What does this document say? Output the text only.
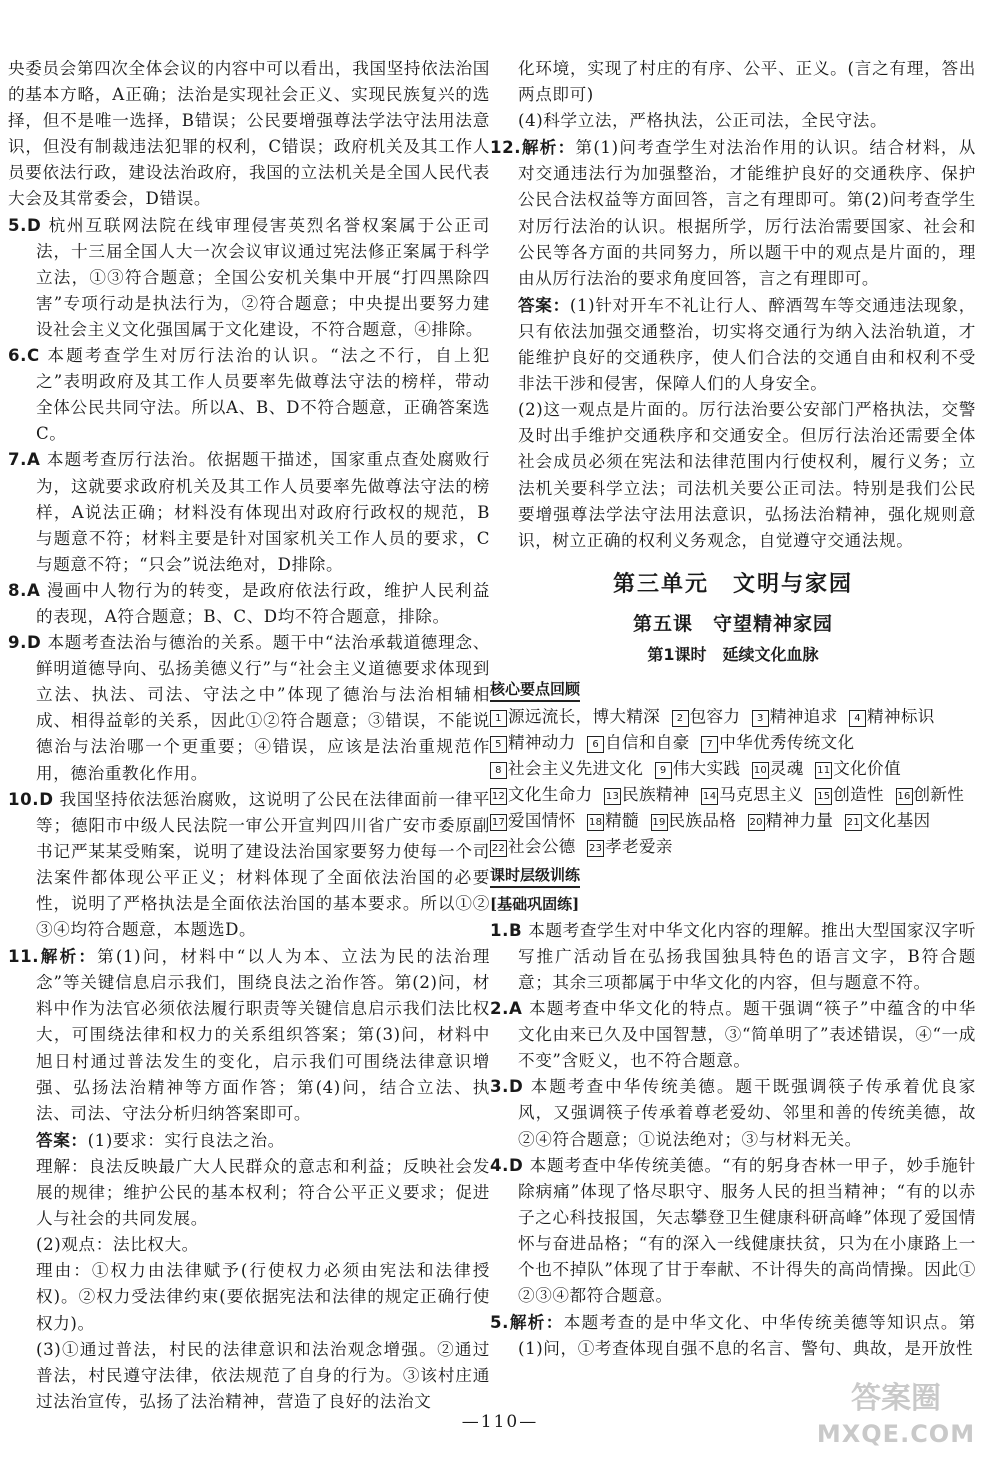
央委员会第四次全体会议的内容中可以看出，我国坚持依法治国的基本方略，A正确；法治是实现社会正义、实现民族复兴的选择，但不是唯一选择，B错误；公民要增强尊法学法守法用法意识，但没有制裁违法犯罪的权利，C错误；政府机关及其工作人员要依法行政，建设法治政府，我国的立法机关是全国人民代表大会及其常委会，D错误。

5.D 杭州互联网法院在线审理侵害英烈名誉权案属于公正司法，十三届全国人大一次会议审议通过宪法修正案属于科学立法，①③符合题意；全国公安机关集中开展“打四黑除四害”专项行动是执法行为，②符合题意；中央提出要努力建设社会主义文化强国属于文化建设，不符合题意，④排除。

6.C 本题考查学生对厉行法治的认识。“法之不行，自上犯之”表明政府及其工作人员要率先做尊法守法的榜样，带动全体公民共同守法。所以A、B、D不符合题意，正确答案选C。

7.A 本题考查厉行法治。依据题干描述，国家重点查处腐败行为，这就要求政府机关及其工作人员要率先做尊法守法的榜样，A说法正确；材料没有体现出对政府行政权的规范，B与题意不符；材料主要是针对国家机关工作人员的要求，C与题意不符；“只会”说法绝对，D排除。

8.A 漫画中人物行为的转变，是政府依法行政，维护人民利益的表现，A符合题意；B、C、D均不符合题意，排除。

9.D 本题考查法治与德治的关系。题干中“法治承载道德理念、鲜明道德导向、弘扬美德义行”与“社会主义道德要求体现到立法、执法、司法、守法之中”体现了德治与法治相辅相成、相得益彰的关系，因此①②符合题意；③错误，不能说德治与法治哪一个更重要；④错误，应该是法治重规范作用，德治重教化作用。

10.D 我国坚持依法惩治腐败，这说明了公民在法律面前一律平等；德阳市中级人民法院一审公开宣判四川省广安市委原副书记严某某受贿案，说明了建设法治国家要努力使每一个司法案件都体现公平正义；材料体现了全面依法治国的必要性，说明了严格执法是全面依法治国的基本要求。所以①②③④均符合题意，本题选D。

11.解析：第(1)问，材料中“以人为本、立法为民的法治理念”等关键信息启示我们，围绕良法之治作答。第(2)问，材料中作为法官必须依法履行职责等关键信息启示我们法比权大，可围绕法律和权力的关系组织答案；第(3)问，材料中旭日村通过普法发生的变化，启示我们可围绕法律意识增强、弘扬法治精神等方面作答；第(4)问，结合立法、执法、司法、守法分析归纳答案即可。

答案：(1)要求：实行良法之治。

理解：良法反映最广大人民群众的意志和利益；反映社会发展的规律；维护公民的基本权利；符合公平正义要求；促进人与社会的共同发展。

(2)观点：法比权大。

理由：①权力由法律赋予(行使权力必须由宪法和法律授权)。②权力受法律约束(要依据宪法和法律的规定正确行使权力)。

(3)①通过普法，村民的法律意识和法治观念增强。②通过普法，村民遵守法律，依法规范了自身的行为。③该村庄通过法治宣传，弘扬了法治精神，营造了良好的法治文

化环境，实现了村庄的有序、公平、正义。(言之有理，答出两点即可)

(4)科学立法，严格执法，公正司法，全民守法。

12.解析：第(1)问考查学生对法治作用的认识。结合材料，从对交通违法行为加强整治，才能维护良好的交通秩序、保护公民合法权益等方面回答，言之有理即可。第(2)问考查学生对厉行法治的认识。根据所学，厉行法治需要国家、社会和公民等各方面的共同努力，所以题干中的观点是片面的，理由从厉行法治的要求角度回答，言之有理即可。

答案：(1)针对开车不礼让行人、醉酒驾车等交通违法现象，只有依法加强交通整治，切实将交通行为纳入法治轨道，才能维护良好的交通秩序，使人们合法的交通自由和权利不受非法干涉和侵害，保障人们的人身安全。

(2)这一观点是片面的。厉行法治要公安部门严格执法，交警及时出手维护交通秩序和交通安全。但厉行法治还需要全体社会成员必须在宪法和法律范围内行使权利，履行义务；立法机关要科学立法；司法机关要公正司法。特别是我们公民要增强尊法学法守法用法意识，弘扬法治精神，强化规则意识，树立正确的权利义务观念，自觉遵守交通法规。

第三单元　文明与家园
第五课　守望精神家园
第1课时　延续文化血脉
核心要点回顾
1 源远流长，博大精深 2 包容力 3 精神追求 4 精神标识 5 精神动力 6 自信和自豪 7 中华优秀传统文化 8 社会主义先进文化 9 伟大实践 10 灵魂 11 文化价值 12 文化生命力 13 民族精神 14 马克思主义 15 创造性 16 创新性 17 爱国情怀 18 精髓 19 民族品格 20 精神力量 21 文化基因 22 社会公德 23 孝老爱亲
课时层级训练
[基础巩固练]

1.B 本题考查学生对中华文化内容的理解。推出大型国家汉字听写推广活动旨在弘扬我国独具特色的语言文字，B符合题意；其余三项都属于中华文化的内容，但与题意不符。

2.A 本题考查中华文化的特点。题干强调“筷子”中蕴含的中华文化由来已久及中国智慧，③“简单明了”表述错误，④“一成不变”含贬义，也不符合题意。

3.D 本题考查中华传统美德。题干既强调筷子传承着优良家风，又强调筷子传承着尊老爱幼、邻里和善的传统美德，故②④符合题意；①说法绝对；③与材料无关。

4.D 本题考查中华传统美德。“有的躬身杏林一甲子，妙手施针除病痛”体现了恪尽职守、服务人民的担当精神；“有的以赤子之心科技报国，矢志攀登卫生健康科研高峰”体现了爱国情怀与奋进品格；“有的深入一线健康扶贫，只为在小康路上一个也不掉队”体现了甘于奉献、不计得失的高尚情操。因此①②③④都符合题意。

5.解析：本题考查的是中华文化、中华传统美德等知识点。第(1)问，①考查体现自强不息的名言、警句、典故，是开放性

—110—
答案圈
MXQE.COM
